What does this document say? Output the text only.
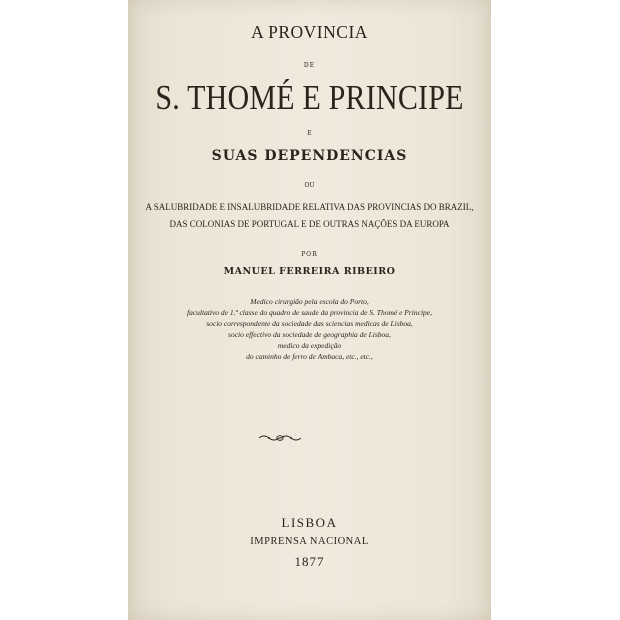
A PROVINCIA

DE

S. THOMÉ E PRINCIPE

E

SUAS DEPENDENCIAS

OU

A SALUBRIDADE E INSALUBRIDADE RELATIVA DAS PROVINCIAS DO BRAZIL,

DAS COLONIAS DE PORTUGAL E DE OUTRAS NAÇÕES DA EUROPA

POR

MANUEL FERREIRA RIBEIRO

Medico cirurgião pela escola do Porto,

facultativo de 1.ª classe do quadro de saude da provincia de S. Thomé e Principe,

socio correspondente da sociedade das sciencias medicas de Lisboa,

socio effectivo da sociedade de geographia de Lisboa,

medico da expedição

do caminho de ferro de Ambaca, etc., etc.,

LISBOA

IMPRENSA NACIONAL

1877
